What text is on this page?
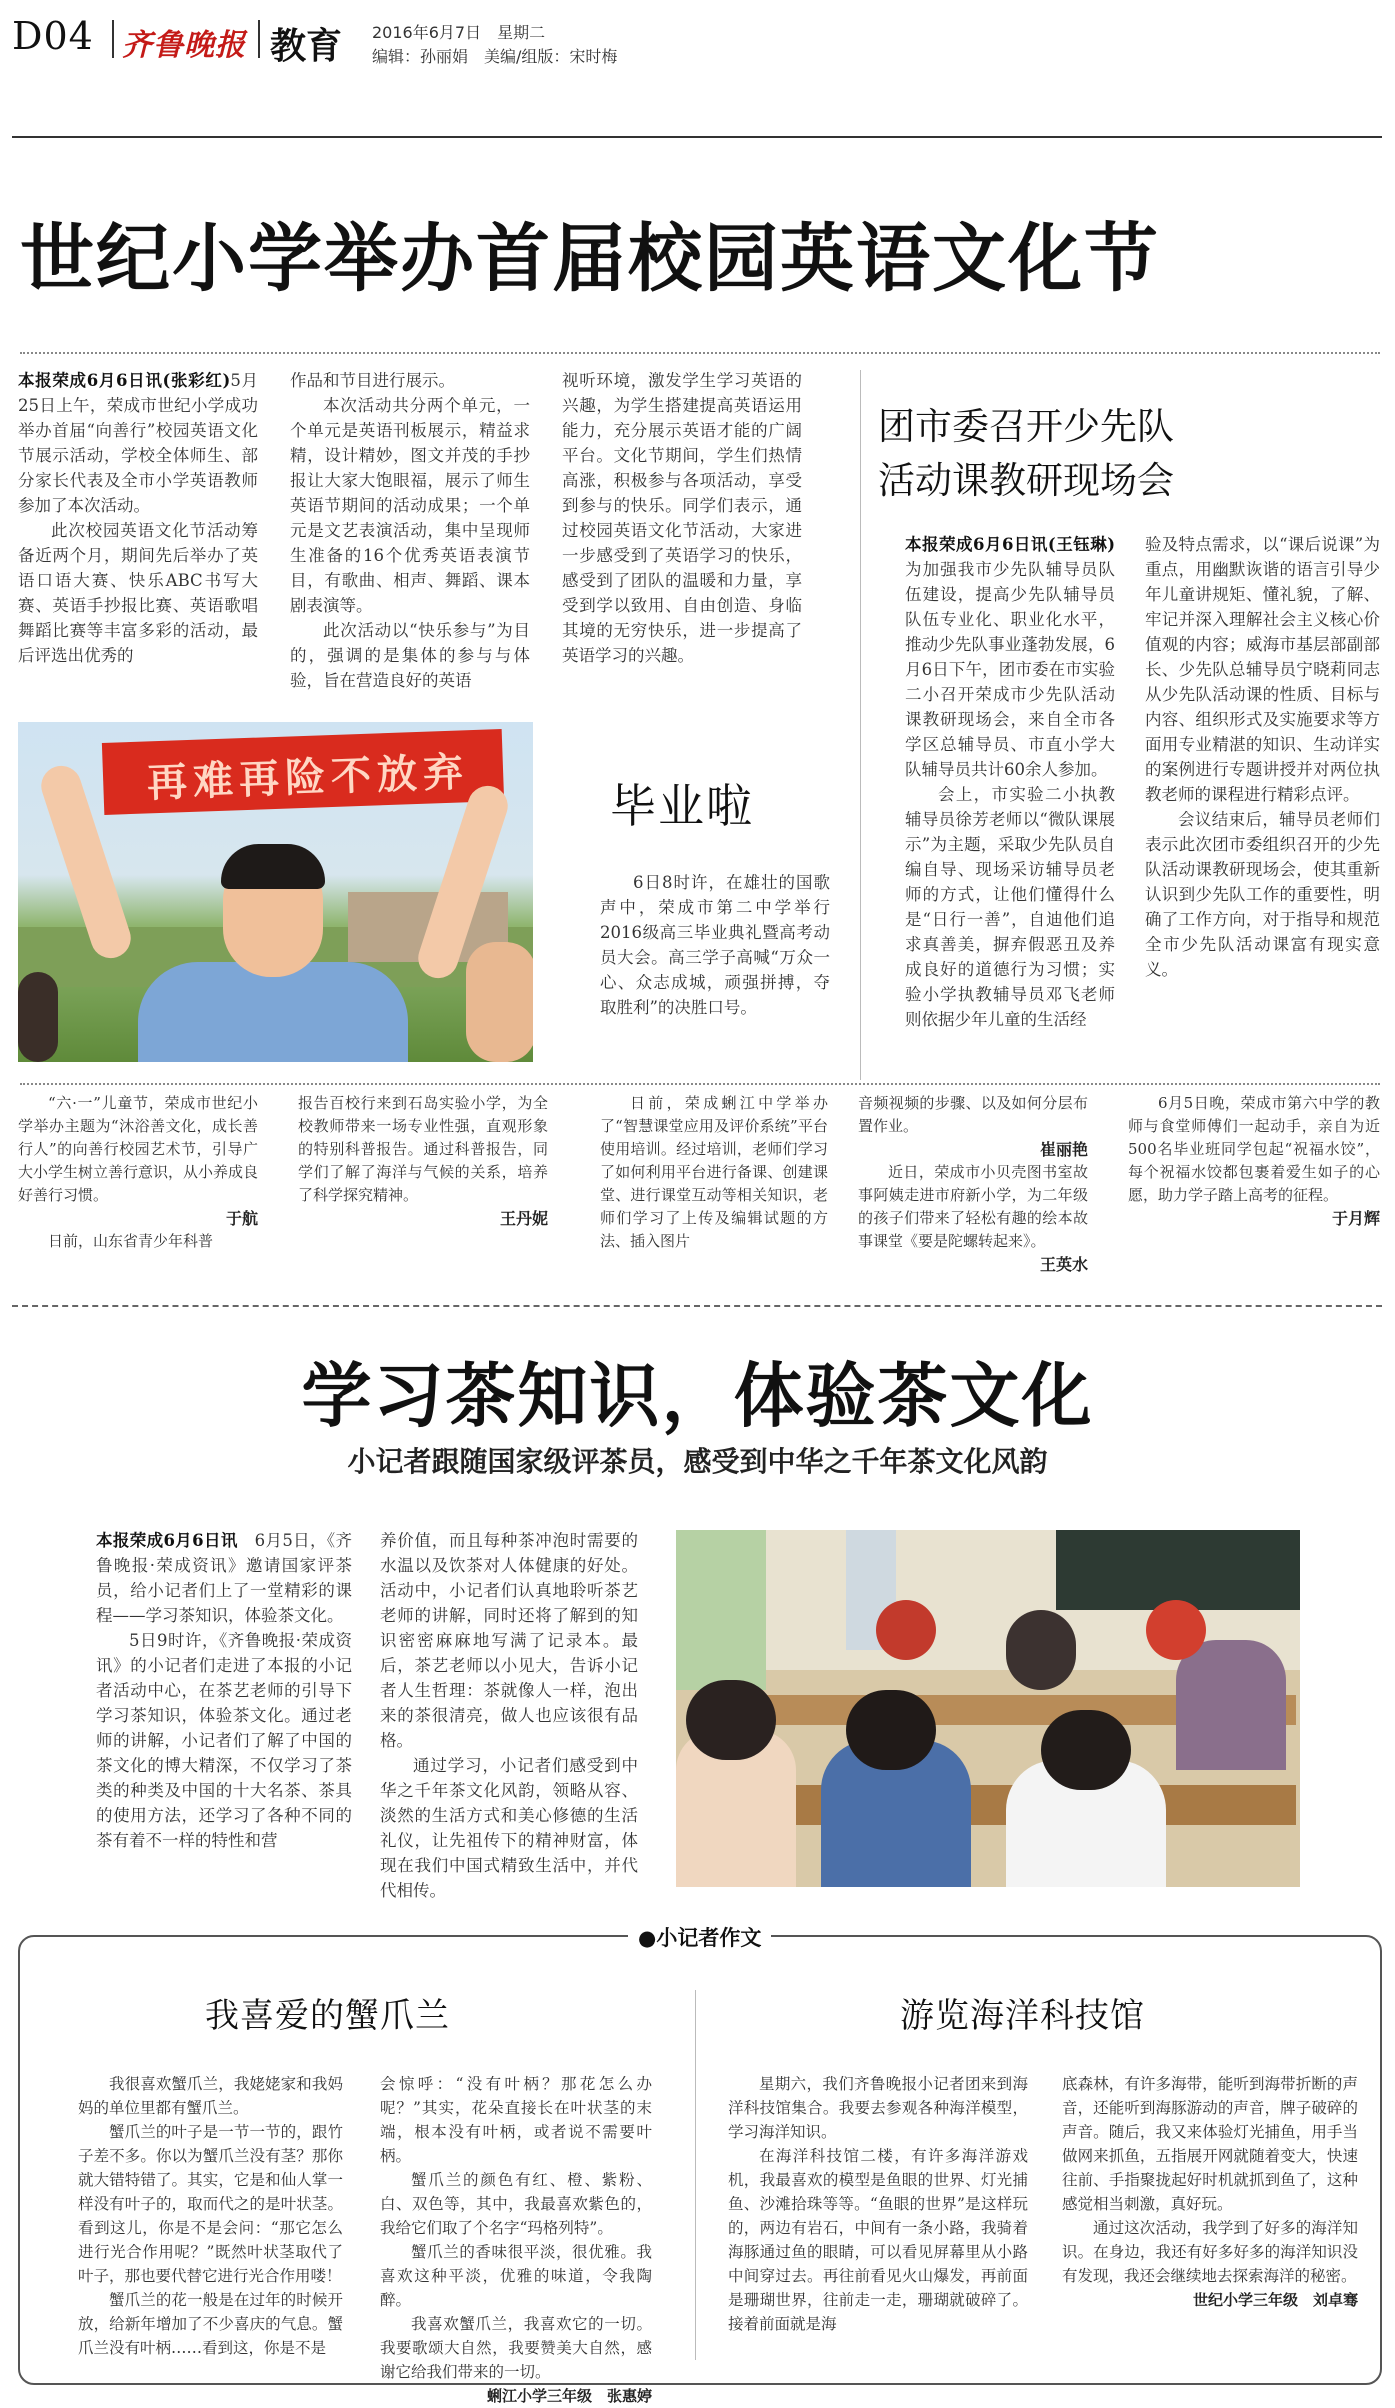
D04 齐鲁晚报 教育 2016年6月7日　 星期二
编辑：孙丽娟　 美编/组版：宋时梅
世纪小学举办首届校园英语文化节

本报荣成6月6日讯(张彩红)5月25日上午，荣成市世纪小学成功举办首届“向善行”校园英语文化节展示活动，学校全体师生、部分家长代表及全市小学英语教师参加了本次活动。

此次校园英语文化节活动筹备近两个月，期间先后举办了英语口语大赛、快乐ABC书写大赛、英语手抄报比赛、英语歌唱舞蹈比赛等丰富多彩的活动，最后评选出优秀的

作品和节目进行展示。

本次活动共分两个单元，一个单元是英语刊板展示，精益求精，设计精妙，图文并茂的手抄报让大家大饱眼福，展示了师生英语节期间的活动成果；一个单元是文艺表演活动，集中呈现师生准备的16个优秀英语表演节目，有歌曲、相声、舞蹈、课本剧表演等。

此次活动以“快乐参与”为目的，强调的是集体的参与与体验，旨在营造良好的英语

视听环境，激发学生学习英语的兴趣，为学生搭建提高英语运用能力，充分展示英语才能的广阔平台。文化节期间，学生们热情高涨，积极参与各项活动，享受到参与的快乐。同学们表示，通过校园英语文化节活动，大家进一步感受到了英语学习的快乐，感受到了团队的温暖和力量，享受到学以致用、自由创造、身临其境的无穷快乐，进一步提高了英语学习的兴趣。

团市委召开少先队
活动课教研现场会

本报荣成6月6日讯(王钰琳)为加强我市少先队辅导员队伍建设，提高少先队辅导员队伍专业化、职业化水平，推动少先队事业蓬勃发展，6月6日下午，团市委在市实验二小召开荣成市少先队活动课教研现场会，来自全市各学区总辅导员、市直小学大队辅导员共计60余人参加。

会上，市实验二小执教辅导员徐芳老师以“微队课展示”为主题，采取少先队员自编自导、现场采访辅导员老师的方式，让他们懂得什么是“日行一善”，自迪他们追求真善美，摒弃假恶丑及养成良好的道德行为习惯；实验小学执教辅导员邓飞老师则依据少年儿童的生活经

验及特点需求，以“课后说课”为重点，用幽默诙谐的语言引导少年儿童讲规矩、懂礼貌，了解、牢记并深入理解社会主义核心价值观的内容；威海市基层部副部长、少先队总辅导员宁晓莉同志从少先队活动课的性质、目标与内容、组织形式及实施要求等方面用专业精湛的知识、生动详实的案例进行专题讲授并对两位执教老师的课程进行精彩点评。

会议结束后，辅导员老师们表示此次团市委组织召开的少先队活动课教研现场会，使其重新认识到少先队工作的重要性，明确了工作方向，对于指导和规范全市少先队活动课富有现实意义。

再难再险不放弃	毕业啦

6日8时许，在雄壮的国歌声中，荣成市第二中学举行2016级高三毕业典礼暨高考动员大会。高三学子高喊“万众一心、众志成城，顽强拼搏，夺取胜利”的决胜口号。

“六·一”儿童节，荣成市世纪小学举办主题为“沐浴善文化，成长善行人”的向善行校园艺术节，引导广大小学生树立善行意识，从小养成良好善行习惯。
于航
日前，山东省青少年科普
报告百校行来到石岛实验小学，为全校教师带来一场专业性强，直观形象的特别科普报告。通过科普报告，同学们了解了海洋与气候的关系，培养了科学探究精神。
王丹妮
日前，荣成蜊江中学举办了“智慧课堂应用及评价系统”平台使用培训。经过培训，老师们学习了如何利用平台进行备课、创建课堂、进行课堂互动等相关知识，老师们学习了上传及编辑试题的方法、插入图片
音频视频的步骤、以及如何分层布置作业。
崔丽艳
近日，荣成市小贝壳图书室故事阿姨走进市府新小学，为二年级的孩子们带来了轻松有趣的绘本故事课堂《要是陀螺转起来》。
王英水
6月5日晚，荣成市第六中学的教师与食堂师傅们一起动手，亲自为近500名毕业班同学包起“祝福水饺”，每个祝福水饺都包裹着爱生如子的心愿，助力学子踏上高考的征程。
于月辉
学习茶知识，体验茶文化
小记者跟随国家级评茶员，感受到中华之千年茶文化风韵

本报荣成6月6日讯　 6月5日，《齐鲁晚报·荣成资讯》邀请国家评茶员，给小记者们上了一堂精彩的课程——学习茶知识，体验茶文化。

5日9时许，《齐鲁晚报·荣成资讯》的小记者们走进了本报的小记者活动中心，在茶艺老师的引导下学习茶知识，体验茶文化。通过老师的讲解，小记者们了解了中国的茶文化的博大精深，不仅学习了茶类的种类及中国的十大名茶、茶具的使用方法，还学习了各种不同的茶有着不一样的特性和营

养价值，而且每种茶冲泡时需要的水温以及饮茶对人体健康的好处。活动中，小记者们认真地聆听茶艺老师的讲解，同时还将了解到的知识密密麻麻地写满了记录本。最后，茶艺老师以小见大，告诉小记者人生哲理：茶就像人一样，泡出来的茶很清亮，做人也应该很有品格。

通过学习，小记者们感受到中华之千年茶文化风韵，领略从容、淡然的生活方式和美心修德的生活礼仪，让先祖传下的精神财富，体现在我们中国式精致生活中，并代代相传。

●小记者作文
我喜爱的蟹爪兰

我很喜欢蟹爪兰，我姥姥家和我妈妈的单位里都有蟹爪兰。

蟹爪兰的叶子是一节一节的，跟竹子差不多。你以为蟹爪兰没有茎？那你就大错特错了。其实，它是和仙人掌一样没有叶子的，取而代之的是叶状茎。看到这儿，你是不是会问：“那它怎么进行光合作用呢？”既然叶状茎取代了叶子，那也要代替它进行光合作用喽！

蟹爪兰的花一般是在过年的时候开放，给新年增加了不少喜庆的气息。蟹爪兰没有叶柄……看到这，你是不是

会惊呼：“没有叶柄？那花怎么办呢？”其实，花朵直接长在叶状茎的末端，根本没有叶柄，或者说不需要叶柄。

蟹爪兰的颜色有红、橙、紫粉、白、双色等，其中，我最喜欢紫色的，我给它们取了个名字“玛格列特”。

蟹爪兰的香味很平淡，很优雅。我喜欢这种平淡，优雅的味道，令我陶醉。

我喜欢蟹爪兰，我喜欢它的一切。我要歌颂大自然，我要赞美大自然，感谢它给我们带来的一切。

蜊江小学三年级　张惠婷
游览海洋科技馆

星期六，我们齐鲁晚报小记者团来到海洋科技馆集合。我要去参观各种海洋模型，学习海洋知识。

在海洋科技馆二楼，有许多海洋游戏机，我最喜欢的模型是鱼眼的世界、灯光捕鱼、沙滩拾珠等等。“鱼眼的世界”是这样玩的，两边有岩石，中间有一条小路，我骑着海豚通过鱼的眼睛，可以看见屏幕里从小路中间穿过去。再往前看见火山爆发，再前面是珊瑚世界，往前走一走，珊瑚就破碎了。接着前面就是海

底森林，有许多海带，能听到海带折断的声音，还能听到海豚游动的声音，牌子破碎的声音。随后，我又来体验灯光捕鱼，用手当做网来抓鱼，五指展开网就随着变大，快速往前、手指聚拢起好时机就抓到鱼了，这种感觉相当刺激，真好玩。

通过这次活动，我学到了好多的海洋知识。在身边，我还有好多好多的海洋知识没有发现，我还会继续地去探索海洋的秘密。

世纪小学三年级　刘卓骞
